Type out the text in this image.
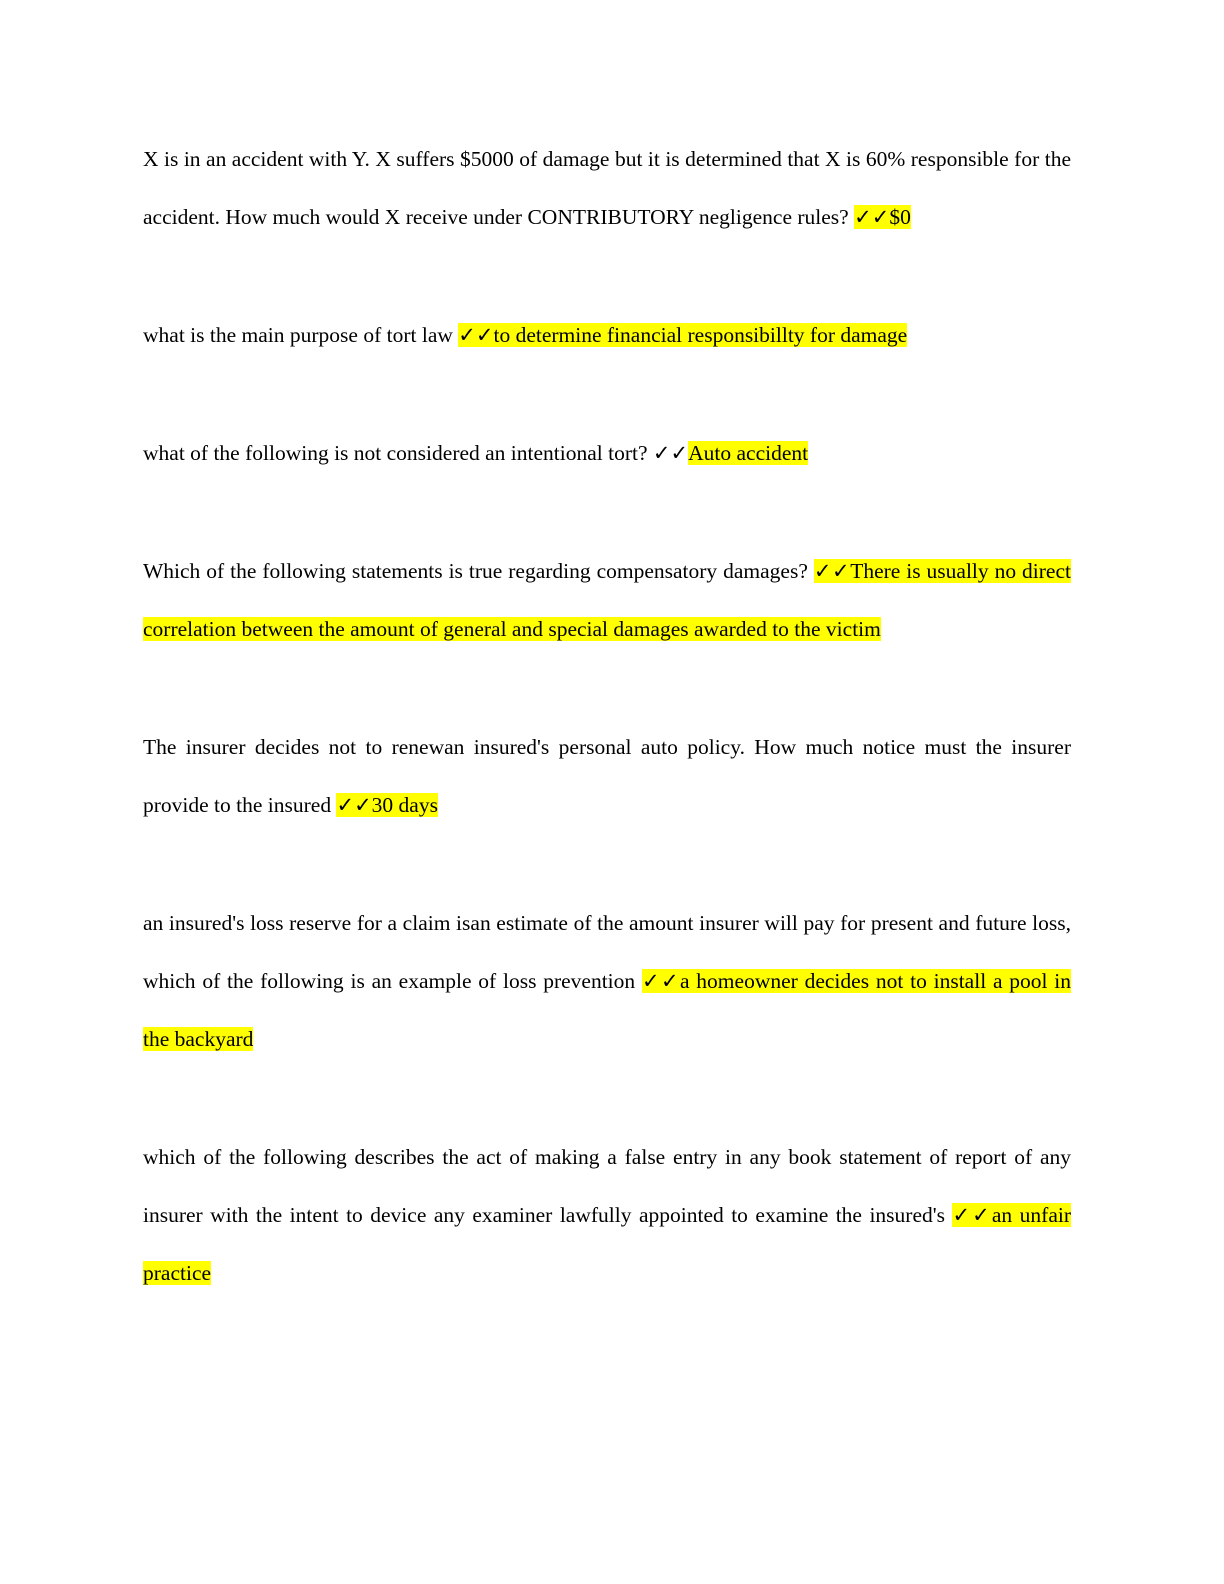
X is in an accident with Y. X suffers $5000 of damage but it is determined that X is 60% responsible for the accident. How much would X receive under CONTRIBUTORY negligence rules? ✓✓$0

what is the main purpose of tort law ✓✓to determine financial responsibillty for damage

what of the following is not considered an intentional tort? ✓✓Auto accident

Which of the following statements is true regarding compensatory damages? ✓✓There is usually no direct correlation between the amount of general and special damages awarded to the victim

The insurer decides not to renewan insured's personal auto policy. How much notice must the insurer provide to the insured ✓✓30 days

an insured's loss reserve for a claim isan estimate of the amount insurer will pay for present and future loss, which of the following is an example of loss prevention ✓✓a homeowner decides not to install a pool in the backyard

which of the following describes the act of making a false entry in any book statement of report of any insurer with the intent to device any examiner lawfully appointed to examine the insured's ✓✓an unfair practice
